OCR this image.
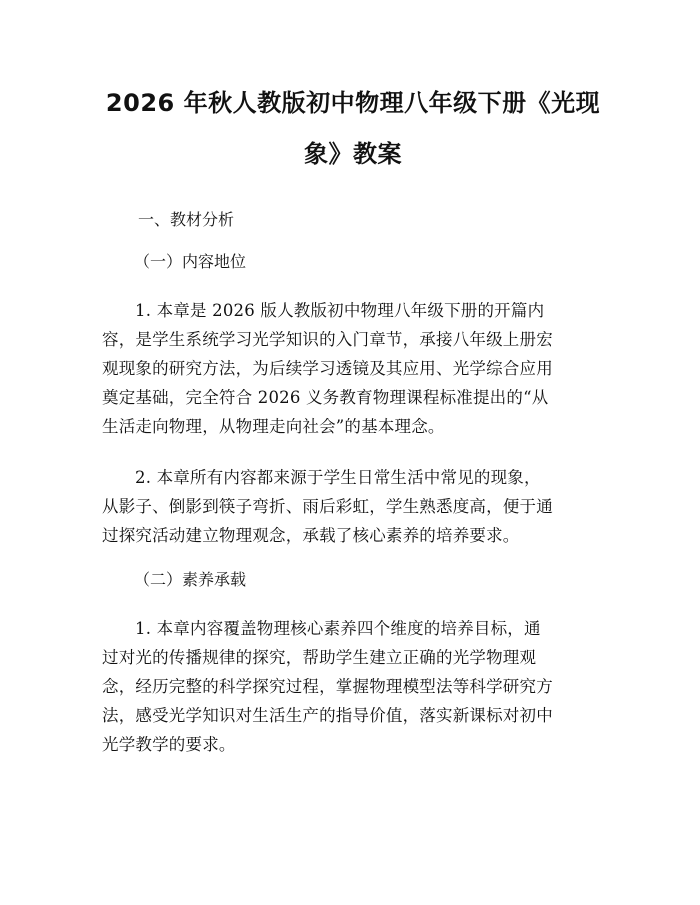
2026 年秋人教版初中物理八年级下册《光现
象》教案
一、教材分析
（一）内容地位

1. 本章是 2026 版人教版初中物理八年级下册的开篇内
容，是学生系统学习光学知识的入门章节，承接八年级上册宏
观现象的研究方法，为后续学习透镜及其应用、光学综合应用
奠定基础，完全符合 2026 义务教育物理课程标准提出的“从
生活走向物理，从物理走向社会”的基本理念。

2. 本章所有内容都来源于学生日常生活中常见的现象，
从影子、倒影到筷子弯折、雨后彩虹，学生熟悉度高，便于通
过探究活动建立物理观念，承载了核心素养的培养要求。

（二）素养承载

1. 本章内容覆盖物理核心素养四个维度的培养目标，通
过对光的传播规律的探究，帮助学生建立正确的光学物理观
念，经历完整的科学探究过程，掌握物理模型法等科学研究方
法，感受光学知识对生活生产的指导价值，落实新课标对初中
光学教学的要求。
